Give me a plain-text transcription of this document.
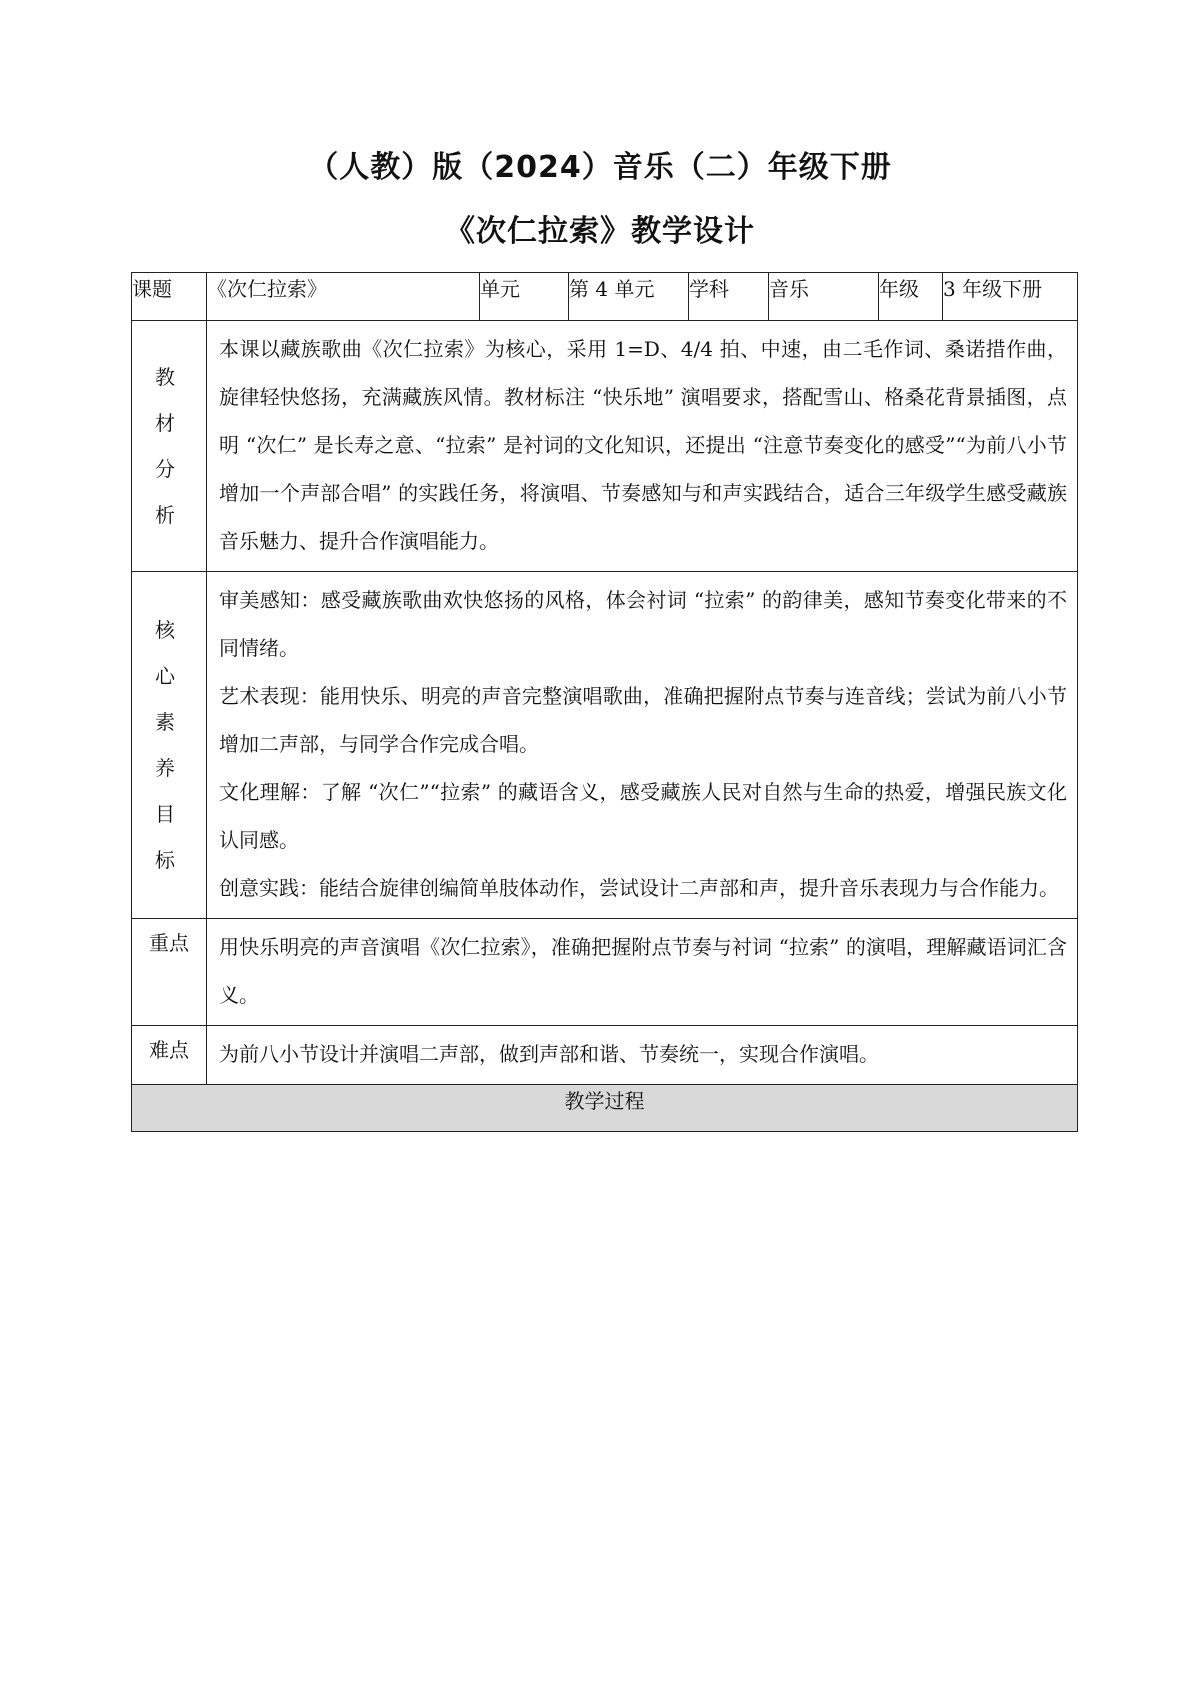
（人教）版（2024）音乐（二）年级下册
《次仁拉索》教学设计
课题	《次仁拉索》	单元	第 4 单元	学科	音乐	年级	3 年级下册
教材分析	本课以藏族歌曲《次仁拉索》为核心，采用 1=D、4/4 拍、中速，由二毛作词、桑诺措作曲，旋律轻快悠扬，充满藏族风情。教材标注 “快乐地” 演唱要求，搭配雪山、格桑花背景插图，点明 “次仁” 是长寿之意、“拉索” 是衬词的文化知识，还提出 “注意节奏变化的感受”“为前八小节增加一个声部合唱” 的实践任务，将演唱、节奏感知与和声实践结合，适合三年级学生感受藏族音乐魅力、提升合作演唱能力。						
核心素养目标	审美感知：感受藏族歌曲欢快悠扬的风格，体会衬词 “拉索” 的韵律美，感知节奏变化带来的不同情绪。

艺术表现：能用快乐、明亮的声音完整演唱歌曲，准确把握附点节奏与连音线；尝试为前八小节增加二声部，与同学合作完成合唱。

文化理解：了解 “次仁”“拉索” 的藏语含义，感受藏族人民对自然与生命的热爱，增强民族文化认同感。

创意实践：能结合旋律创编简单肢体动作，尝试设计二声部和声，提升音乐表现力与合作能力。						

重点	用快乐明亮的声音演唱《次仁拉索》，准确把握附点节奏与衬词 “拉索” 的演唱，理解藏语词汇含义。						
难点	为前八小节设计并演唱二声部，做到声部和谐、节奏统一，实现合作演唱。						
教学过程							
